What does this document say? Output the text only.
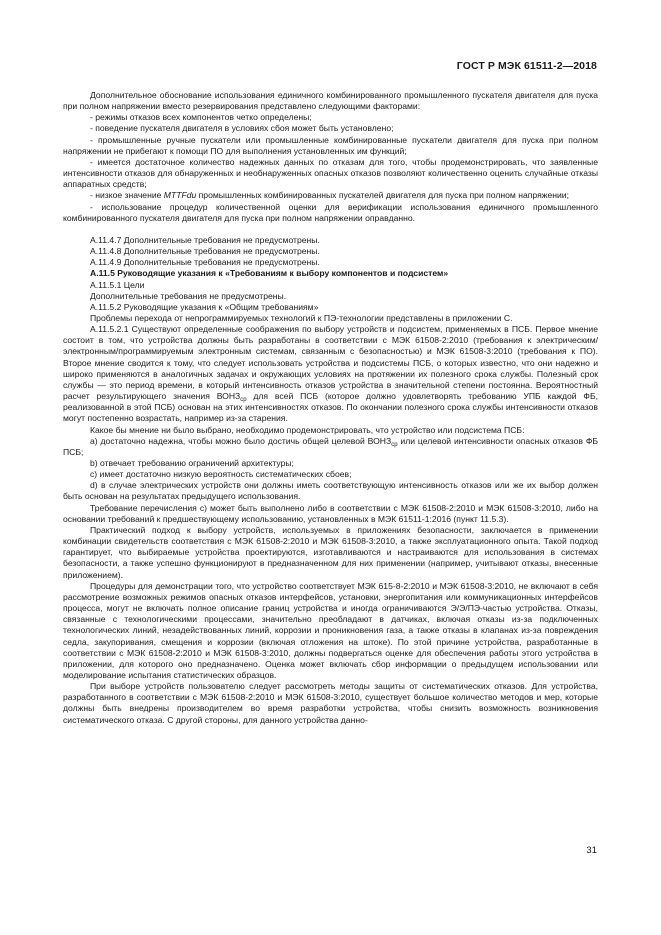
ГОСТ Р МЭК 61511-2—2018

Дополнительное обоснование использования единичного комбинированного промышленного пускателя двигателя для пуска при полном напряжении вместо резервирования представлено следующими факторами:

- режимы отказов всех компонентов четко определены;

- поведение пускателя двигателя в условиях сбоя может быть установлено;

- промышленные ручные пускатели или промышленные комбинированные пускатели двигателя для пуска при полном напряжении не прибегают к помощи ПО для выполнения установленных им функций;

- имеется достаточное количество надежных данных по отказам для того, чтобы продемонстрировать, что заявленные интенсивности отказов для обнаруженных и необнаруженных опасных отказов позволяют количественно оценить случайные отказы аппаратных средств;

- низкое значение MTTFdu промышленных комбинированных пускателей двигателя для пуска при полном напряжении;

- использование процедур количественной оценки для верификации использования единичного промышленного комбинированного пускателя двигателя для пуска при полном напряжении оправданно.

А.11.4.7 Дополнительные требования не предусмотрены.

А.11.4.8 Дополнительные требования не предусмотрены.

А.11.4.9 Дополнительные требования не предусмотрены.

А.11.5 Руководящие указания к «Требованиям к выбору компонентов и подсистем»

А.11.5.1 Цели

Дополнительные требования не предусмотрены.

А.11.5.2 Руководящие указания к «Общим требованиям»

Проблемы перехода от непрограммируемых технологий к ПЭ-технологии представлены в приложении С.

А.11.5.2.1 Существуют определенные соображения по выбору устройств и подсистем, применяемых в ПСБ. Первое мнение состоит в том, что устройства должны быть разработаны в соответствии с МЭК 61508-2:2010 (требования к электрическим/электронным/программируемым электронным системам, связанным с безопасностью) и МЭК 61508-3:2010 (требования к ПО). Второе мнение сводится к тому, что следует использовать устройства и подсистемы ПСБ, о которых известно, что они надежно и широко применяются в аналогичных задачах и окружающих условиях на протяжении их полезного срока службы. Полезный срок службы — это период времени, в который интенсивность отказов устройства в значительной степени постоянна. Вероятностный расчет результирующего значения $ВОНЗ_{ср}$ для всей ПСБ (которое должно удовлетворять требованию УПБ каждой ФБ, реализованной в этой ПСБ) основан на этих интенсивностях отказов. По окончании полезного срока службы интенсивности отказов могут постепенно возрастать, например из-за старения.

Какое бы мнение ни было выбрано, необходимо продемонстрировать, что устройство или подсистема ПСБ:

а) достаточно надежна, чтобы можно было достичь общей целевой $ВОНЗ_{ср}$ или целевой интенсивности опасных отказов ФБ ПСБ;

b) отвечает требованию ограничений архитектуры;

c) имеет достаточно низкую вероятность систематических сбоев;

d) в случае электрических устройств они должны иметь соответствующую интенсивность отказов или же их выбор должен быть основан на результатах предыдущего использования.

Требование перечисления с) может быть выполнено либо в соответствии с МЭК 61508-2:2010 и МЭК 61508-3:2010, либо на основании требований к предшествующему использованию, установленных в МЭК 61511-1:2016 (пункт 11.5.3).

Практический подход к выбору устройств, используемых в приложениях безопасности, заключается в применении комбинации свидетельств соответствия с МЭК 61508-2:2010 и МЭК 61508-3:2010, а также эксплуатационного опыта. Такой подход гарантирует, что выбираемые устройства проектируются, изготавливаются и настраиваются для использования в системах безопасности, а также успешно функционируют в предназначенном для них применении (например, учитывают отказы, внесенные приложением).

Процедуры для демонстрации того, что устройство соответствует МЭК 615-8-2:2010 и МЭК 61508-3:2010, не включают в себя рассмотрение возможных режимов опасных отказов интерфейсов, установки, энергопитания или коммуникационных интерфейсов процесса, могут не включать полное описание границ устройства и иногда ограничиваются Э/Э/ПЭ-частью устройства. Отказы, связанные с технологическими процессами, значительно преобладают в датчиках, включая отказы из-за подключенных технологических линий, незадействованных линий, коррозии и проникновения газа, а также отказы в клапанах из-за повреждения седла, закупоривания, смещения и коррозии (включая отложения на штоке). По этой причине устройства, разработанные в соответствии с МЭК 61508-2:2010 и МЭК 61508-3:2010, должны подвергаться оценке для обеспечения работы этого устройства в приложении, для которого оно предназначено. Оценка может включать сбор информации о предыдущем использовании или моделирование испытания статистических образцов.

При выборе устройств пользователю следует рассмотреть методы защиты от систематических отказов. Для устройства, разработанного в соответствии с МЭК 61508-2:2010 и МЭК 61508-3:2010, существует большое количество методов и мер, которые должны быть внедрены производителем во время разработки устройства, чтобы снизить возможность возникновения систематического отказа. С другой стороны, для данного устройства данно-

31
